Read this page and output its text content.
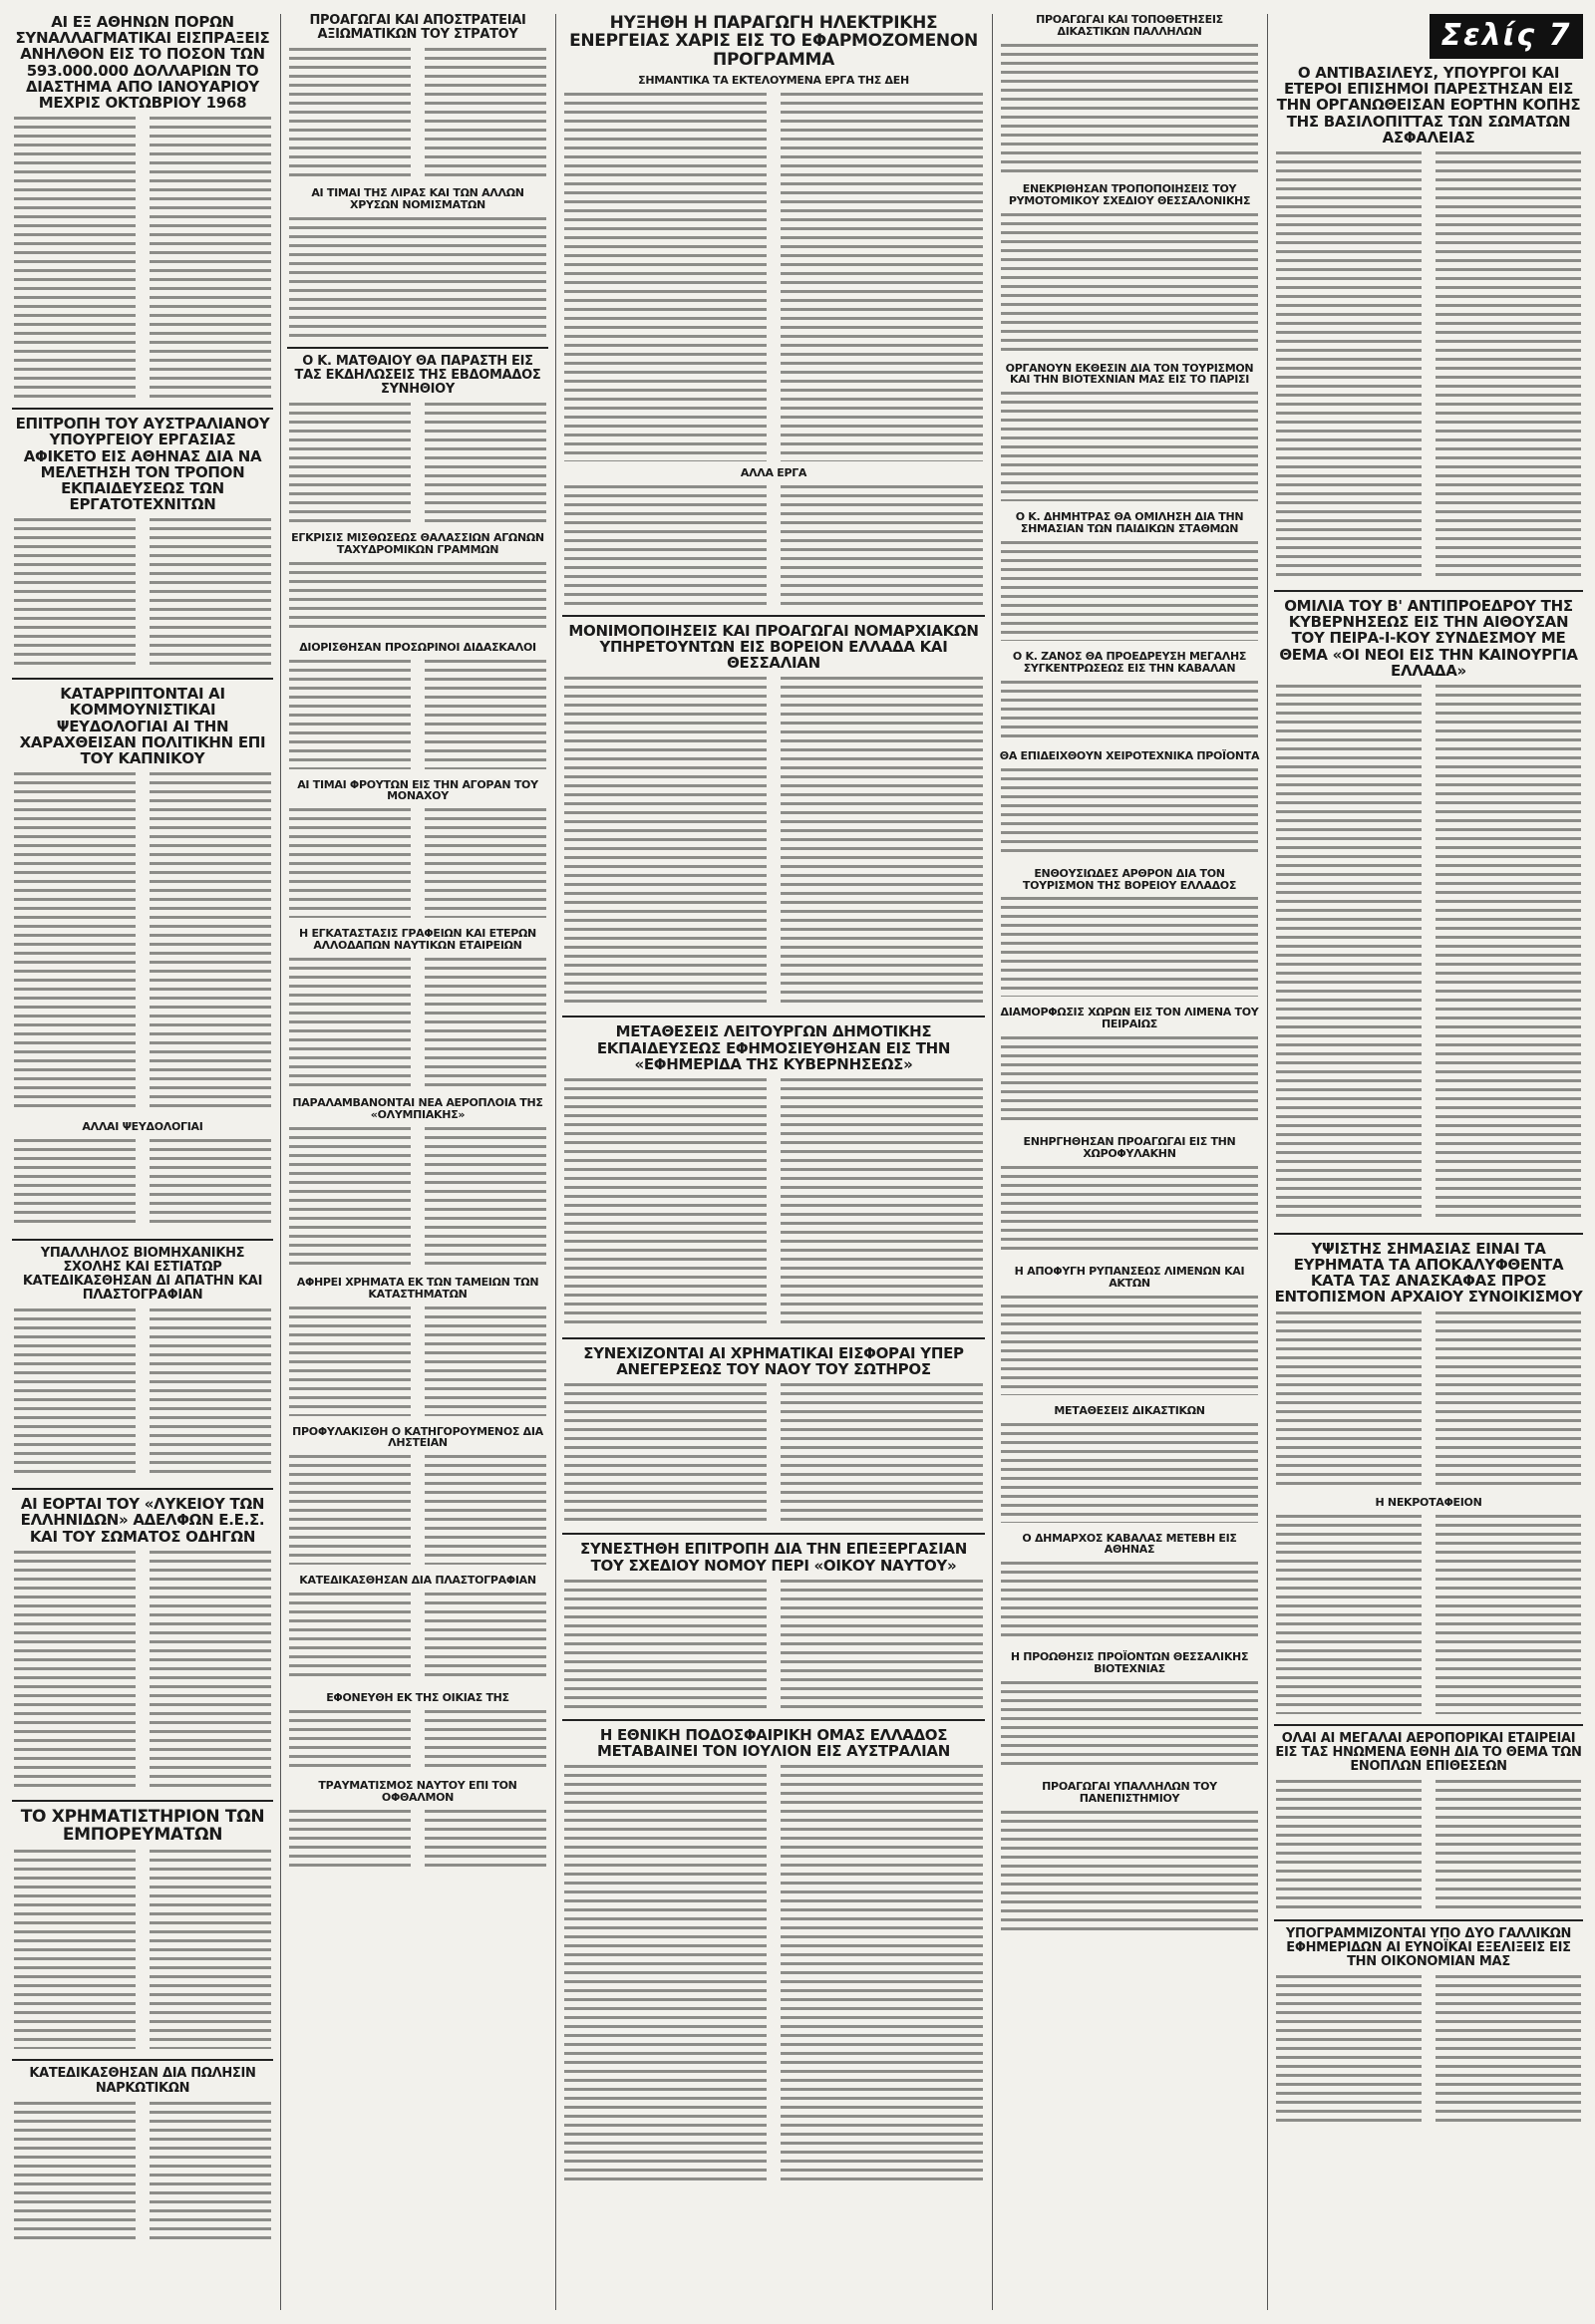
ΑΙ ΕΞ ΑΘΗΝΩΝ ΠΟΡΩΝ ΣΥΝΑΛΛΑΓΜΑΤΙΚΑΙ ΕΙΣΠΡΑΞΕΙΣ ΑΝΗΛΘΟΝ ΕΙΣ ΤΟ ΠΟΣΟΝ ΤΩΝ 593.000.000 ΔΟΛΛΑΡΙΩΝ ΤΟ ΔΙΑΣΤΗΜΑ ΑΠΟ ΙΑΝΟΥΑΡΙΟΥ ΜΕΧΡΙΣ ΟΚΤΩΒΡΙΟΥ 1968
ΕΠΙΤΡΟΠΗ ΤΟΥ ΑΥΣΤΡΑΛΙΑΝΟΥ ΥΠΟΥΡΓΕΙΟΥ ΕΡΓΑΣΙΑΣ ΑΦΙΚΕΤΟ ΕΙΣ ΑΘΗΝΑΣ ΔΙΑ ΝΑ ΜΕΛΕΤΗΣΗ ΤΟΝ ΤΡΟΠΟΝ ΕΚΠΑΙΔΕΥΣΕΩΣ ΤΩΝ ΕΡΓΑΤΟΤΕΧΝΙΤΩΝ
ΚΑΤΑΡΡΙΠΤΟΝΤΑΙ ΑΙ ΚΟΜΜΟΥΝΙΣΤΙΚΑΙ ΨΕΥΔΟΛΟΓΙΑΙ ΑΙ ΤΗΝ ΧΑΡΑΧΘΕΙΣΑΝ ΠΟΛΙΤΙΚΗΝ ΕΠΙ ΤΟΥ ΚΑΠΝΙΚΟΥ
ΑΛΛΑΙ ΨΕΥΔΟΛΟΓΙΑΙ
ΥΠΑΛΛΗΛΟΣ ΒΙΟΜΗΧΑΝΙΚΗΣ ΣΧΟΛΗΣ ΚΑΙ ΕΣΤΙΑΤΩΡ ΚΑΤΕΔΙΚΑΣΘΗΣΑΝ ΔΙ ΑΠΑΤΗΝ ΚΑΙ ΠΛΑΣΤΟΓΡΑΦΙΑΝ
ΑΙ ΕΟΡΤΑΙ ΤΟΥ «ΛΥΚΕΙΟΥ ΤΩΝ ΕΛΛΗΝΙΔΩΝ» ΑΔΕΛΦΩΝ Ε.Ε.Σ. ΚΑΙ ΤΟΥ ΣΩΜΑΤΟΣ ΟΔΗΓΩΝ
ΤΟ ΧΡΗΜΑΤΙΣΤΗΡΙΟΝ ΤΩΝ ΕΜΠΟΡΕΥΜΑΤΩΝ
ΚΑΤΕΔΙΚΑΣΘΗΣΑΝ ΔΙΑ ΠΩΛΗΣΙΝ ΝΑΡΚΩΤΙΚΩΝ
ΠΡΟΑΓΩΓΑΙ ΚΑΙ ΑΠΟΣΤΡΑΤΕΙΑΙ ΑΞΙΩΜΑΤΙΚΩΝ ΤΟΥ ΣΤΡΑΤΟΥ
ΑΙ ΤΙΜΑΙ ΤΗΣ ΛΙΡΑΣ ΚΑΙ ΤΩΝ ΑΛΛΩΝ ΧΡΥΣΩΝ ΝΟΜΙΣΜΑΤΩΝ
Ο Κ. ΜΑΤΘΑΙΟΥ ΘΑ ΠΑΡΑΣΤΗ ΕΙΣ ΤΑΣ ΕΚΔΗΛΩΣΕΙΣ ΤΗΣ ΕΒΔΟΜΑΔΟΣ ΣΥΝΗΘΙΟΥ
ΕΓΚΡΙΣΙΣ ΜΙΣΘΩΣΕΩΣ ΘΑΛΑΣΣΙΩΝ ΑΓΩΝΩΝ ΤΑΧΥΔΡΟΜΙΚΩΝ ΓΡΑΜΜΩΝ
ΔΙΟΡΙΣΘΗΣΑΝ ΠΡΟΣΩΡΙΝΟΙ ΔΙΔΑΣΚΑΛΟΙ
ΑΙ ΤΙΜΑΙ ΦΡΟΥΤΩΝ ΕΙΣ ΤΗΝ ΑΓΟΡΑΝ ΤΟΥ ΜΟΝΑΧΟΥ
Η ΕΓΚΑΤΑΣΤΑΣΙΣ ΓΡΑΦΕΙΩΝ ΚΑΙ ΕΤΕΡΩΝ ΑΛΛΟΔΑΠΩΝ ΝΑΥΤΙΚΩΝ ΕΤΑΙΡΕΙΩΝ
ΠΑΡΑΛΑΜΒΑΝΟΝΤΑΙ ΝΕΑ ΑΕΡΟΠΛΟΙΑ ΤΗΣ «ΟΛΥΜΠΙΑΚΗΣ»
ΑΦΗΡΕΙ ΧΡΗΜΑΤΑ ΕΚ ΤΩΝ ΤΑΜΕΙΩΝ ΤΩΝ ΚΑΤΑΣΤΗΜΑΤΩΝ
ΠΡΟΦΥΛΑΚΙΣΘΗ Ο ΚΑΤΗΓΟΡΟΥΜΕΝΟΣ ΔΙΑ ΛΗΣΤΕΙΑΝ
ΚΑΤΕΔΙΚΑΣΘΗΣΑΝ ΔΙΑ ΠΛΑΣΤΟΓΡΑΦΙΑΝ
ΕΦΟΝΕΥΘΗ ΕΚ ΤΗΣ ΟΙΚΙΑΣ ΤΗΣ
ΤΡΑΥΜΑΤΙΣΜΟΣ ΝΑΥΤΟΥ ΕΠΙ ΤΟΝ ΟΦΘΑΛΜΟΝ
ΗΥΞΗΘΗ Η ΠΑΡΑΓΩΓΗ ΗΛΕΚΤΡΙΚΗΣ ΕΝΕΡΓΕΙΑΣ ΧΑΡΙΣ ΕΙΣ ΤΟ ΕΦΑΡΜΟΖΟΜΕΝΟΝ ΠΡΟΓΡΑΜΜΑ
ΣΗΜΑΝΤΙΚΑ ΤΑ ΕΚΤΕΛΟΥΜΕΝΑ ΕΡΓΑ ΤΗΣ ΔΕΗ
ΑΛΛΑ ΕΡΓΑ
ΜΟΝΙΜΟΠΟΙΗΣΕΙΣ ΚΑΙ ΠΡΟΑΓΩΓΑΙ ΝΟΜΑΡΧΙΑΚΩΝ ΥΠΗΡΕΤΟΥΝΤΩΝ ΕΙΣ ΒΟΡΕΙΟΝ ΕΛΛΑΔΑ ΚΑΙ ΘΕΣΣΑΛΙΑΝ
ΜΕΤΑΘΕΣΕΙΣ ΛΕΙΤΟΥΡΓΩΝ ΔΗΜΟΤΙΚΗΣ ΕΚΠΑΙΔΕΥΣΕΩΣ ΕΦΗΜΟΣΙΕΥΘΗΣΑΝ ΕΙΣ ΤΗΝ «ΕΦΗΜΕΡΙΔΑ ΤΗΣ ΚΥΒΕΡΝΗΣΕΩΣ»
ΣΥΝΕΧΙΖΟΝΤΑΙ ΑΙ ΧΡΗΜΑΤΙΚΑΙ ΕΙΣΦΟΡΑΙ ΥΠΕΡ ΑΝΕΓΕΡΣΕΩΣ ΤΟΥ ΝΑΟΥ ΤΟΥ ΣΩΤΗΡΟΣ
ΣΥΝΕΣΤΗΘΗ ΕΠΙΤΡΟΠΗ ΔΙΑ ΤΗΝ ΕΠΕΞΕΡΓΑΣΙΑΝ ΤΟΥ ΣΧΕΔΙΟΥ ΝΟΜΟΥ ΠΕΡΙ «ΟΙΚΟΥ ΝΑΥΤΟΥ»
Η ΕΘΝΙΚΗ ΠΟΔΟΣΦΑΙΡΙΚΗ ΟΜΑΣ ΕΛΛΑΔΟΣ ΜΕΤΑΒΑΙΝΕΙ ΤΟΝ ΙΟΥΛΙΟΝ ΕΙΣ ΑΥΣΤΡΑΛΙΑΝ
ΠΡΟΑΓΩΓΑΙ ΚΑΙ ΤΟΠΟΘΕΤΗΣΕΙΣ ΔΙΚΑΣΤΙΚΩΝ ΠΑΛΛΗΛΩΝ
ΕΝΕΚΡΙΘΗΣΑΝ ΤΡΟΠΟΠΟΙΗΣΕΙΣ ΤΟΥ ΡΥΜΟΤΟΜΙΚΟΥ ΣΧΕΔΙΟΥ ΘΕΣΣΑΛΟΝΙΚΗΣ
ΟΡΓΑΝΟΥΝ ΕΚΘΕΣΙΝ ΔΙΑ ΤΟΝ ΤΟΥΡΙΣΜΟΝ ΚΑΙ ΤΗΝ ΒΙΟΤΕΧΝΙΑΝ ΜΑΣ ΕΙΣ ΤΟ ΠΑΡΙΣΙ
Ο Κ. ΔΗΜΗΤΡΑΣ ΘΑ ΟΜΙΛΗΣΗ ΔΙΑ ΤΗΝ ΣΗΜΑΣΙΑΝ ΤΩΝ ΠΑΙΔΙΚΩΝ ΣΤΑΘΜΩΝ
Ο Κ. ΖΑΝΟΣ ΘΑ ΠΡΟΕΔΡΕΥΣΗ ΜΕΓΑΛΗΣ ΣΥΓΚΕΝΤΡΩΣΕΩΣ ΕΙΣ ΤΗΝ ΚΑΒΑΛΑΝ
ΘΑ ΕΠΙΔΕΙΧΘΟΥΝ ΧΕΙΡΟΤΕΧΝΙΚΑ ΠΡΟΪΟΝΤΑ
ΕΝΘΟΥΣΙΩΔΕΣ ΑΡΘΡΟΝ ΔΙΑ ΤΟΝ ΤΟΥΡΙΣΜΟΝ ΤΗΣ ΒΟΡΕΙΟΥ ΕΛΛΑΔΟΣ
ΔΙΑΜΟΡΦΩΣΙΣ ΧΩΡΩΝ ΕΙΣ ΤΟΝ ΛΙΜΕΝΑ ΤΟΥ ΠΕΙΡΑΙΩΣ
ΕΝΗΡΓΗΘΗΣΑΝ ΠΡΟΑΓΩΓΑΙ ΕΙΣ ΤΗΝ ΧΩΡΟΦΥΛΑΚΗΝ
Η ΑΠΟΦΥΓΗ ΡΥΠΑΝΣΕΩΣ ΛΙΜΕΝΩΝ ΚΑΙ ΑΚΤΩΝ
ΜΕΤΑΘΕΣΕΙΣ ΔΙΚΑΣΤΙΚΩΝ
Ο ΔΗΜΑΡΧΟΣ ΚΑΒΑΛΑΣ ΜΕΤΕΒΗ ΕΙΣ ΑΘΗΝΑΣ
Η ΠΡΟΩΘΗΣΙΣ ΠΡΟΪΟΝΤΩΝ ΘΕΣΣΑΛΙΚΗΣ ΒΙΟΤΕΧΝΙΑΣ
ΠΡΟΑΓΩΓΑΙ ΥΠΑΛΛΗΛΩΝ ΤΟΥ ΠΑΝΕΠΙΣΤΗΜΙΟΥ
Σελίς 7
Ο ΑΝΤΙΒΑΣΙΛΕΥΣ, ΥΠΟΥΡΓΟΙ ΚΑΙ ΕΤΕΡΟΙ ΕΠΙΣΗΜΟΙ ΠΑΡΕΣΤΗΣΑΝ ΕΙΣ ΤΗΝ ΟΡΓΑΝΩΘΕΙΣΑΝ ΕΟΡΤΗΝ ΚΟΠΗΣ ΤΗΣ ΒΑΣΙΛΟΠΙΤΤΑΣ ΤΩΝ ΣΩΜΑΤΩΝ ΑΣΦΑΛΕΙΑΣ
ΟΜΙΛΙΑ ΤΟΥ Β' ΑΝΤΙΠΡΟΕΔΡΟΥ ΤΗΣ ΚΥΒΕΡΝΗΣΕΩΣ ΕΙΣ ΤΗΝ ΑΙΘΟΥΣΑΝ ΤΟΥ ΠΕΙΡΑ-Ι-ΚΟΥ ΣΥΝΔΕΣΜΟΥ ΜΕ ΘΕΜΑ «ΟΙ ΝΕΟΙ ΕΙΣ ΤΗΝ ΚΑΙΝΟΥΡΓΙΑ ΕΛΛΑΔΑ»
ΥΨΙΣΤΗΣ ΣΗΜΑΣΙΑΣ ΕΙΝΑΙ ΤΑ ΕΥΡΗΜΑΤΑ ΤΑ ΑΠΟΚΑΛΥΦΘΕΝΤΑ ΚΑΤΑ ΤΑΣ ΑΝΑΣΚΑΦΑΣ ΠΡΟΣ ΕΝΤΟΠΙΣΜΟΝ ΑΡΧΑΙΟΥ ΣΥΝΟΙΚΙΣΜΟΥ
Η ΝΕΚΡΟΤΑΦΕΙΟΝ
ΟΛΑΙ ΑΙ ΜΕΓΑΛΑΙ ΑΕΡΟΠΟΡΙΚΑΙ ΕΤΑΙΡΕΙΑΙ ΕΙΣ ΤΑΣ ΗΝΩΜΕΝΑ ΕΘΝΗ ΔΙΑ ΤΟ ΘΕΜΑ ΤΩΝ ΕΝΟΠΛΩΝ ΕΠΙΘΕΣΕΩΝ
ΥΠΟΓΡΑΜΜΙΖΟΝΤΑΙ ΥΠΟ ΔΥΟ ΓΑΛΛΙΚΩΝ ΕΦΗΜΕΡΙΔΩΝ ΑΙ ΕΥΝΟΪΚΑΙ ΕΞΕΛΙΞΕΙΣ ΕΙΣ ΤΗΝ ΟΙΚΟΝΟΜΙΑΝ ΜΑΣ
